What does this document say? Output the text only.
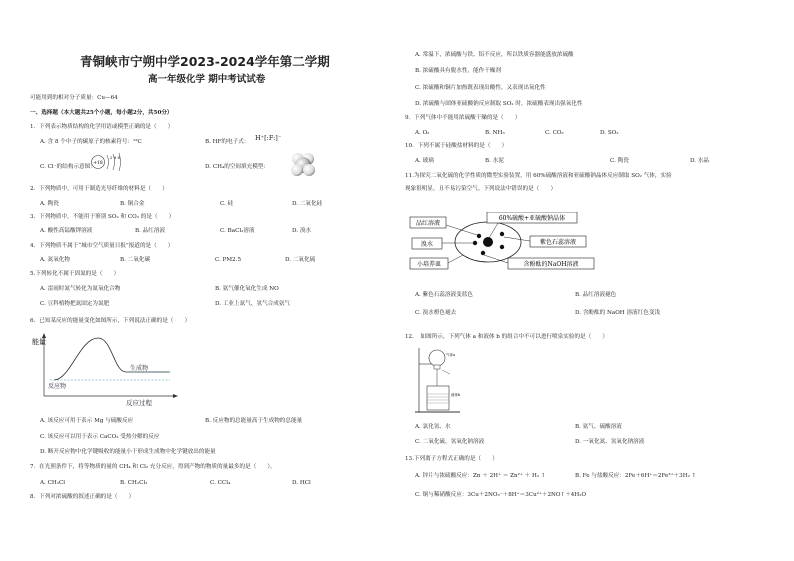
青铜峡市宁朔中学2023-2024学年第二学期
高一年级化学 期中考试试卷
可能用到的相对分子质量：Cu—64
一、选择题（本大题共25个小题，每小题2分，共50分）
1．下列表示物质结构的化学用语或模型正确的是（　　）
A. 含 8 个中子的碳原子的核素符号：¹²C	B. HF的电子式： H⁺[:F:]⁻
C. Cl⁻的结构示意图：
+18
2 8 8
D. CH₄的空间填充模型：
2．下列物质中，可用于制造光导纤维的材料是（　　）
A. 陶瓷	B. 铜合金	C. 硅	D. 二氧化硅
3．下列物质中，不能用于鉴别 SO₂ 和 CO₂ 的是（　　）
A. 酸性高锰酸钾溶液	B. 品红溶液	C. BaCl₂溶液	D. 溴水
4．下列物质不属于“城市空气质量日报”报道的是（　　）
A. 氮氧化物	B. 二氧化碳	C. PM2.5	D. 二氧化硫
5.下列转化不属于固氮的是（　　）
A. 雷雨时氮气转化为氮氧化合物	B. 氨气催化氧化生成 NO
C. 豆科植物把氮固定为氮肥	D. 工业上氮气、氢气合成氨气
6．已知某反应的能量变化如图所示，下列说法正确的是（　　）
能量
生成物
反应物
反应过程
A. 该反应可用于表示 Mg 与硫酸反应	B. 反应物的总能量高于生成物的总能量
C. 该反应可以用于表示 CaCO₃ 受热分解的反应
D. 断开反应物中化学键吸收的能量小于形成生成物中化学键放出的能量
7．在光照条件下，将等物质的量的 CH₄ 和 Cl₂ 充分反应，得到产物的物质的量最多的是（　　）。
A. CH₃Cl	B. CH₂Cl₂	C. CCl₄	D. HCl
8．下列对浓硫酸的叙述正确的是（　　）
A. 常温下，浓硫酸与铁、铝不反应，所以铁质容器能盛放浓硫酸
B. 浓硫酸具有脱水性，能作干燥剂
C. 浓硫酸和铜片加热既表现出酸性，又表现出氧化性
D. 浓硫酸与固体亚硫酸钠反应制取 SO₂ 时，浓硫酸表现出强氧化性
9．下列气体中不能用浓硫酸干燥的是（　　）
A. O₂	B. NH₃	C. CO₂	D. SO₂
10．下列不属于硅酸盐材料的是（　　）
A. 玻璃	B. 水泥	C. 陶瓷	D. 水晶
11.为探究二氧化硫的化学性质的微型实验装置，用 60%硫酸溶液和亚硫酸钠晶体反应制取 SO₂ 气体，实验
现象很明显，且不易污染空气。下列说法中错误的是（　　）
品红溶液
60%硫酸+亚硫酸钠晶体
溴水	紫色石蕊溶液
小培养皿	含酚酞的NaOH溶液
A. 紫色石蕊溶液变蓝色	B. 品红溶液褪色
C. 溴水橙色褪去	D. 含酚酞的 NaOH 溶液红色变浅
12．　如图所示，下列气体 a 和液体 b 的组合中不可以进行喷泉实验的是（　　）
气体a
液体b
A. 氯化氢、水	B. 氨气、硫酸溶液
C. 二氧化硫、氢氧化钠溶液	D. 一氧化氮、氢氧化钠溶液
13.下列离子方程式正确的是（　　）
A. 锌片与浓硫酸反应：Zn ＋ 2H⁺ ＝ Zn²⁺ ＋ H₂ ↑	B. Fe 与盐酸反应：2Fe＋6H⁺＝2Fe³⁺＋3H₂ ↑
C. 铜与稀硝酸反应：3Cu＋2NO₃⁻＋8H⁺＝3Cu²⁺＋2NO↑＋4H₂O
